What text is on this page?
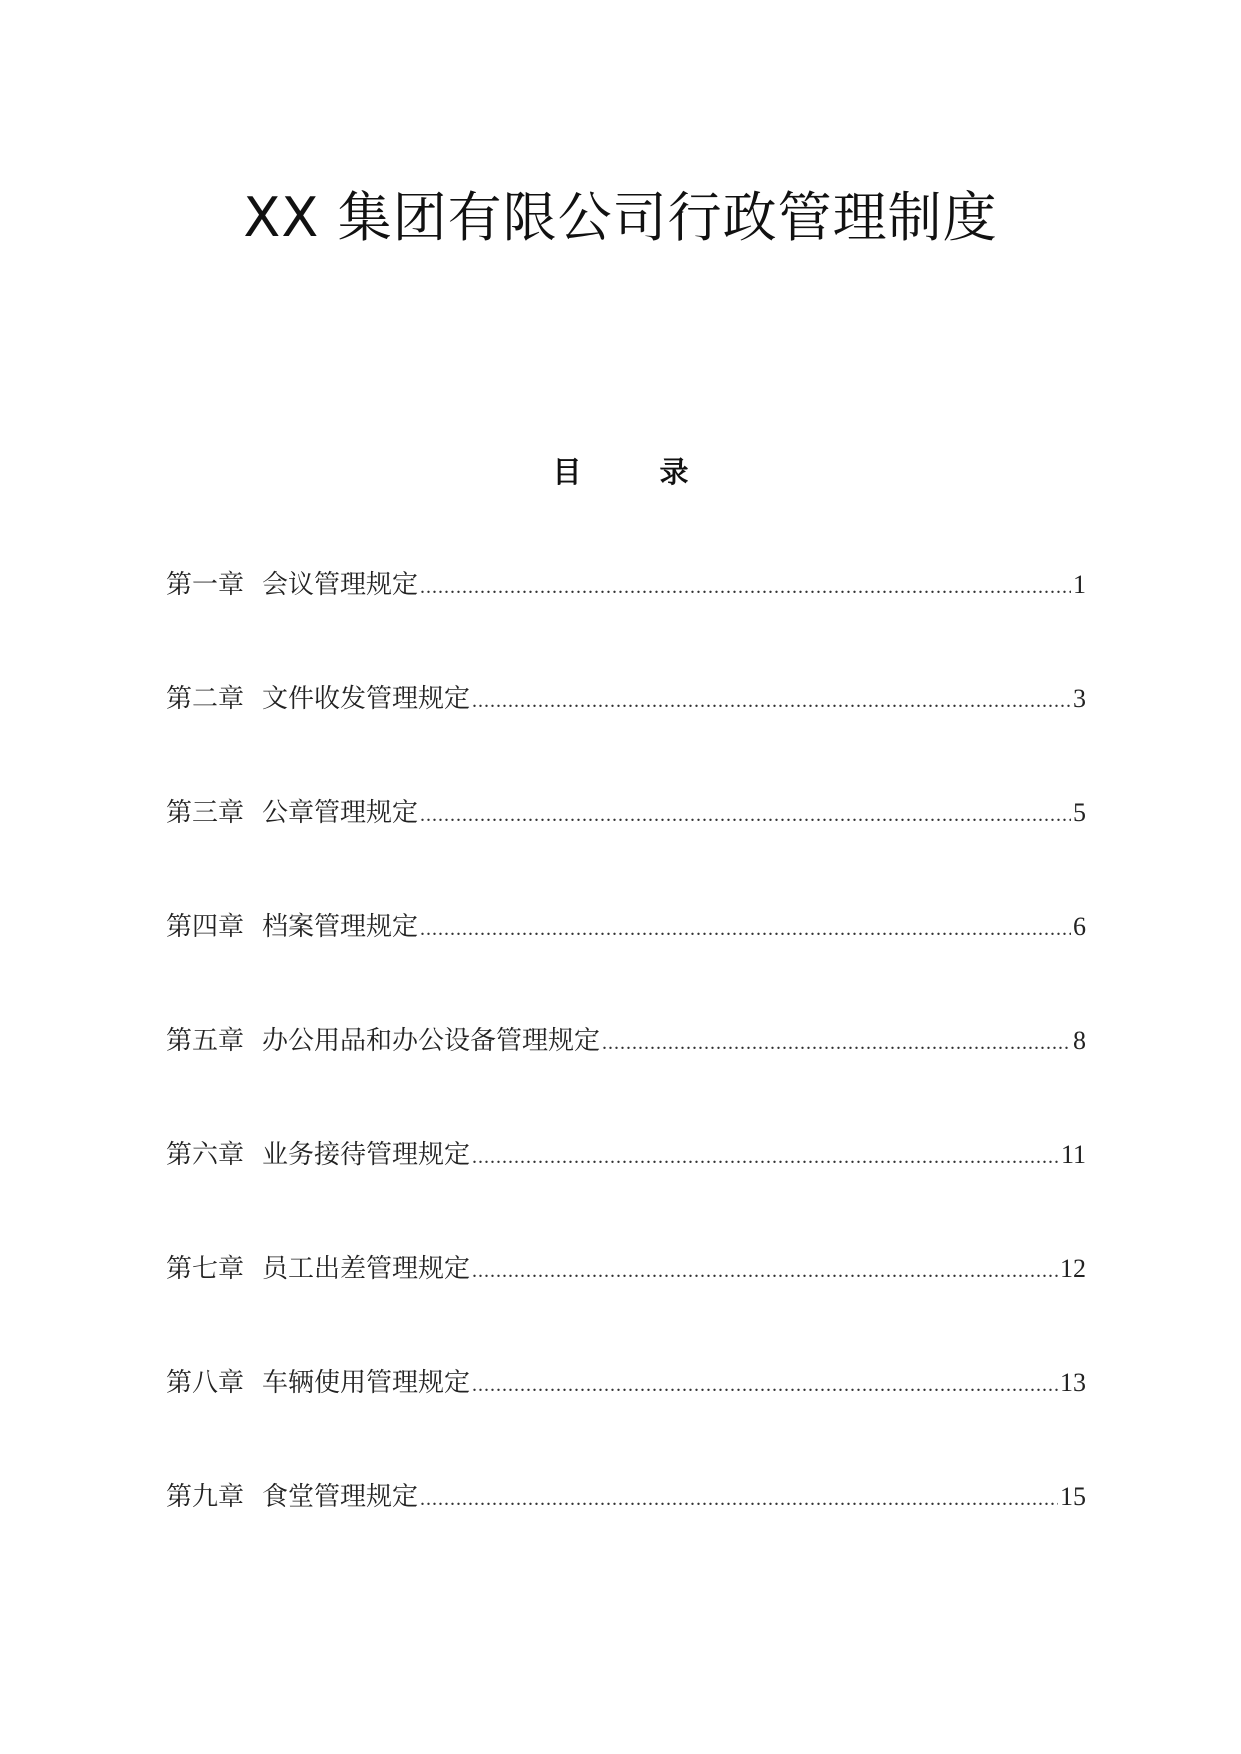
XX 集团有限公司行政管理制度
目 录
第一章 会议管理规定 .....	1
第二章 文件收发管理规定 .....	3
第三章 公章管理规定 .....	5
第四章 档案管理规定 .....	6
第五章 办公用品和办公设备管理规定 .....	8
第六章 业务接待管理规定 .....	11
第七章 员工出差管理规定 .....	12
第八章 车辆使用管理规定 .....	13
第九章 食堂管理规定 .....	15
